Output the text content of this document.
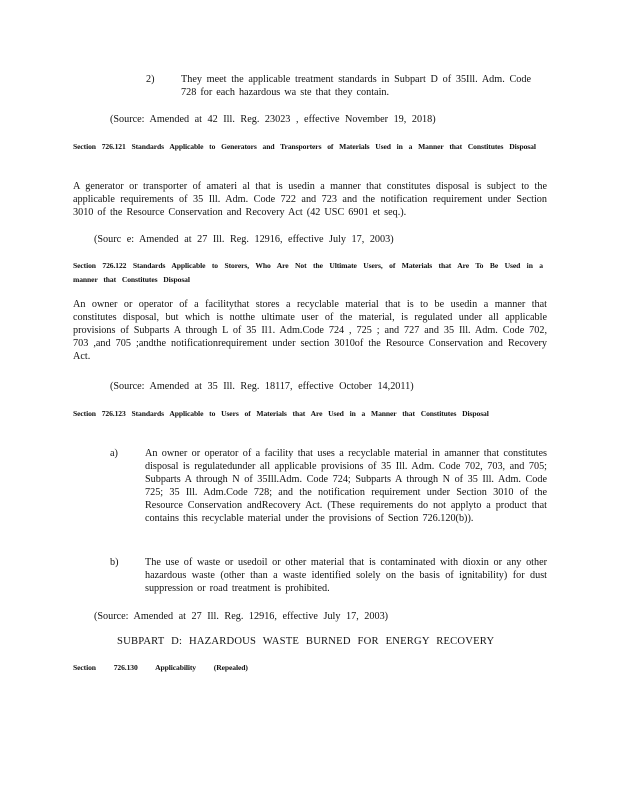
2)	They meet the applicable treatment standards in Subpart D of 35Ill. Adm. Code 728 for each hazardous wa ste that they contain.

(Source: Amended at 42 Ill. Reg. 23023 , effective November 19, 2018)

Section 726.121 Standards Applicable to Generators and Transporters of Materials Used in a Manner that Constitutes Disposal

A generator or transporter of amateri al that is usedin a manner that constitutes disposal is subject to the applicable requirements of 35 Ill. Adm. Code 722 and 723 and the notification requirement under Section 3010 of the Resource Conservation and Recovery Act (42 USC 6901 et seq.).

(Sourc e: Amended at 27 Ill. Reg. 12916, effective July 17, 2003)

Section 726.122 Standards Applicable to Storers, Who Are Not the Ultimate Users, of Materials that Are To Be Used in a manner that Constitutes Disposal

An owner or operator of a facilitythat stores a recyclable material that is to be usedin a manner that constitutes disposal, but which is notthe ultimate user of the material, is regulated under all applicable provisions of Subparts A through L of 35 Il1. Adm.Code 724 , 725 ; and 727 and 35 Ill. Adm. Code 702, 703 ,and 705 ;andthe notificationrequirement under section 3010of the Resource Conservation and Recovery Act.

(Source: Amended at 35 Ill. Reg. 18117, effective October 14,2011)

Section 726.123 Standards Applicable to Users of Materials that Are Used in a Manner that Constitutes Disposal

a)	An owner or operator of a facility that uses a recyclable material in amanner that constitutes disposal is regulatedunder all applicable provisions of 35 Ill. Adm. Code 702, 703, and 705; Subparts A through N of 35Ill.Adm. Code 724; Subparts A through N of 35 Ill. Adm. Code 725; 35 Ill. Adm.Code 728; and the notification requirement under Section 3010 of the Resource Conservation andRecovery Act. (These requirements do not applyto a product that contains this recyclable material under the provisions of Section 726.120(b)).

b)	The use of waste or usedoil or other material that is contaminated with dioxin or any other hazardous waste (other than a waste identified solely on the basis of ignitability) for dust suppression or road treatment is prohibited.

(Source: Amended at 27 Ill. Reg. 12916, effective July 17, 2003)

SUBPART D: HAZARDOUS WASTE BURNED FOR ENERGY RECOVERY

Section 726.130 Applicability (Repealed)
